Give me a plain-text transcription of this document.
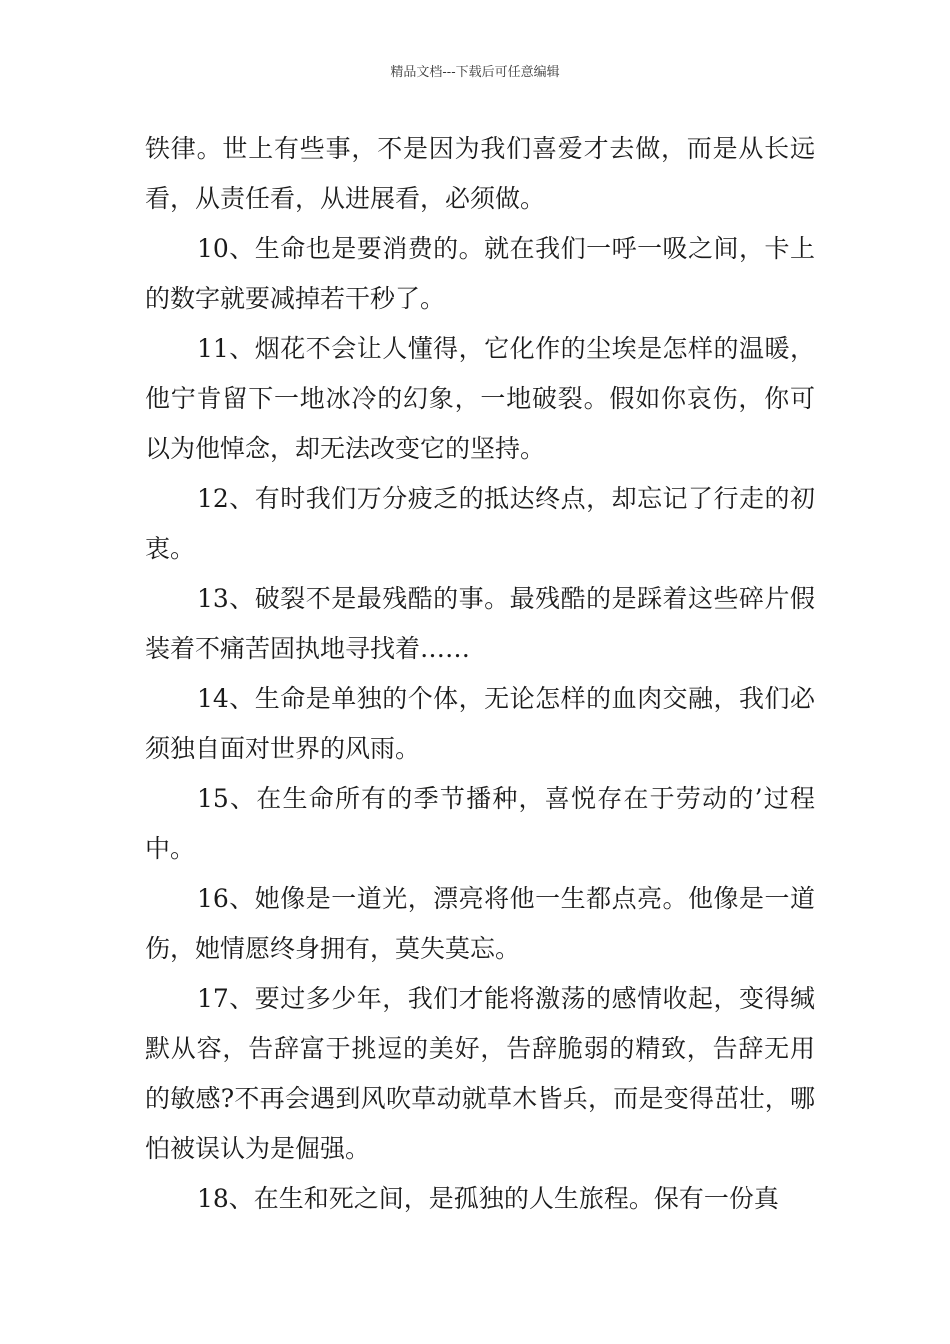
精品文档---下载后可任意编辑

铁律。世上有些事，不是因为我们喜爱才去做，而是从长远看，从责任看，从进展看，必须做。

10、生命也是要消费的。就在我们一呼一吸之间，卡上的数字就要减掉若干秒了。

11、烟花不会让人懂得，它化作的尘埃是怎样的温暖，他宁肯留下一地冰冷的幻象，一地破裂。假如你哀伤，你可以为他悼念，却无法改变它的坚持。

12、有时我们万分疲乏的抵达终点，却忘记了行走的初衷。

13、破裂不是最残酷的事。最残酷的是踩着这些碎片假装着不痛苦固执地寻找着……

14、生命是单独的个体，无论怎样的血肉交融，我们必须独自面对世界的风雨。

15、在生命所有的季节播种，喜悦存在于劳动的’过程中。

16、她像是一道光，漂亮将他一生都点亮。他像是一道伤，她情愿终身拥有，莫失莫忘。

17、要过多少年，我们才能将激荡的感情收起，变得缄默从容，告辞富于挑逗的美好，告辞脆弱的精致，告辞无用的敏感?不再会遇到风吹草动就草木皆兵，而是变得茁壮，哪怕被误认为是倔强。

18、在生和死之间，是孤独的人生旅程。保有一份真
